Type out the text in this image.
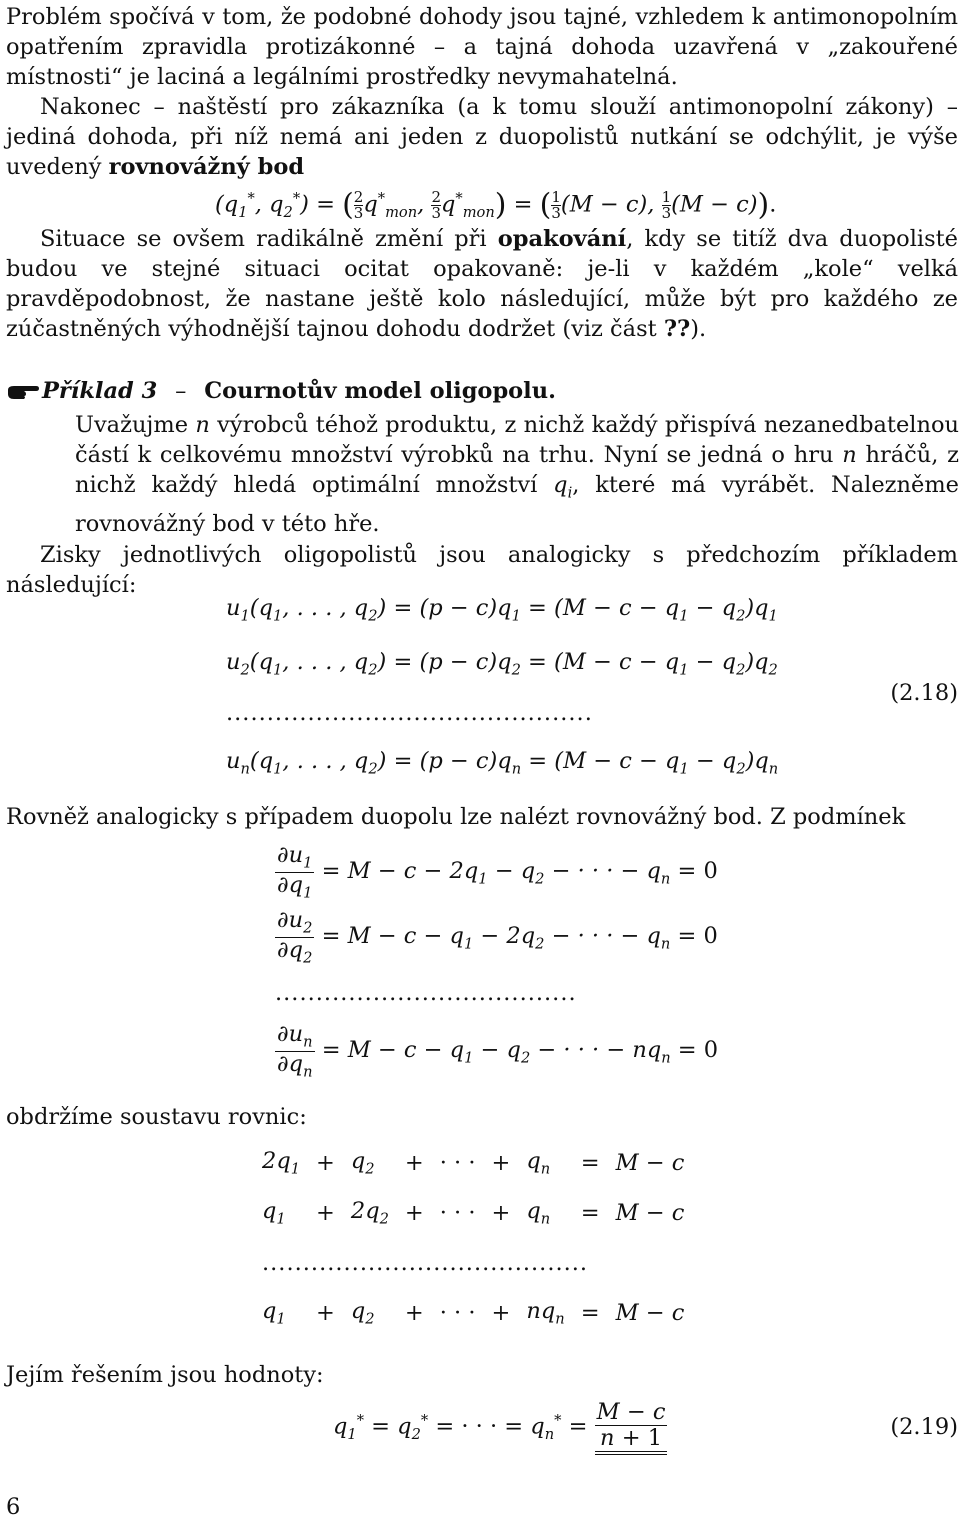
Problém spočívá v tom, že podobné dohody jsou tajné, vzhledem k antimonopolním opatřením zpravidla protizákonné – a tajná dohoda uzavřená v „zakouřené místnosti“ je laciná a legálními prostředky nevymahatelná.
Nakonec – naštěstí pro zákazníka (a k tomu slouží antimonopolní zákony) – jediná dohoda, při níž nemá ani jeden z duopolistů nutkání se odchýlit, je výše uvedený rovnovážný bod
($q_1^*$, $q_2^*$) = ( $\frac{2}{3}q^*_{mon}$, $\frac{2}{3}q^*_{mon}$) = ( $\frac{1}{3}(M - c)$, $\frac{1}{3}(M - c)$).
Situace se ovšem radikálně změní při opakování, kdy se titíž dva duopolisté budou ve stejné situaci ocitat opakovaně: je-li v každém „kole“ velká pravděpodobnost, že nastane ještě kolo následující, může být pro každého ze zúčastněných výhodnější tajnou dohodu dodržet (viz část ??).
Příklad 3 – Cournotův model oligopolu.
Uvažujme n výrobců téhož produktu, z nichž každý přispívá nezanedbatelnou částí k celkovému množství výrobků na trhu. Nyní se jedná o hru n hráčů, z nichž každý hledá optimální množství $q_i$, které má vyrábět. Nalezněme rovnovážný bod v této hře.
Zisky jednotlivých oligopolistů jsou analogicky s předchozím příkladem následující:
$u_1(q_1$, . . . , $q_2) = (p - c)q_1 = (M - c - q_1 - q_2)q_1$
$u_2(q_1$, . . . , $q_2) = (p - c)q_2 = (M - c - q_1 - q_2)q_2$
.............................................
$u_n(q_1$, . . . , $q_2) = (p - c)q_n = (M - c - q_1 - q_2)q_n$
(2.18)
Rovněž analogicky s případem duopolu lze nalézt rovnovážný bod. Z podmínek
$\frac{\partial u_1}{\partial q_1} = M - c - 2q_1 - q_2$ − · · · − $q_n = 0$
$\frac{\partial u_2}{\partial q_2} = M - c - q_1 - 2q_2$ − · · · − $q_n = 0$
.....................................
$\frac{\partial u_n}{\partial q_n} = M - c - q_1 - q_2$ − · · · − $nq_n = 0$
obdržíme soustavu rovnic:
$2q_1$	+	$q_2$	+	· · ·	+	$q_n$	=	M − c
$q_1$	+	$2q_2$	+	· · ·	+	$q_n$	=	M − c
........................................								
$q_1$	+	$q_2$	+	· · ·	+	$nq_n$	=	M − c
Jejím řešením jsou hodnoty:
$q_1^* = q_2^*$ = · · · = $q_n^* = \frac{M - c}{n + 1}$	(2.19)
6
